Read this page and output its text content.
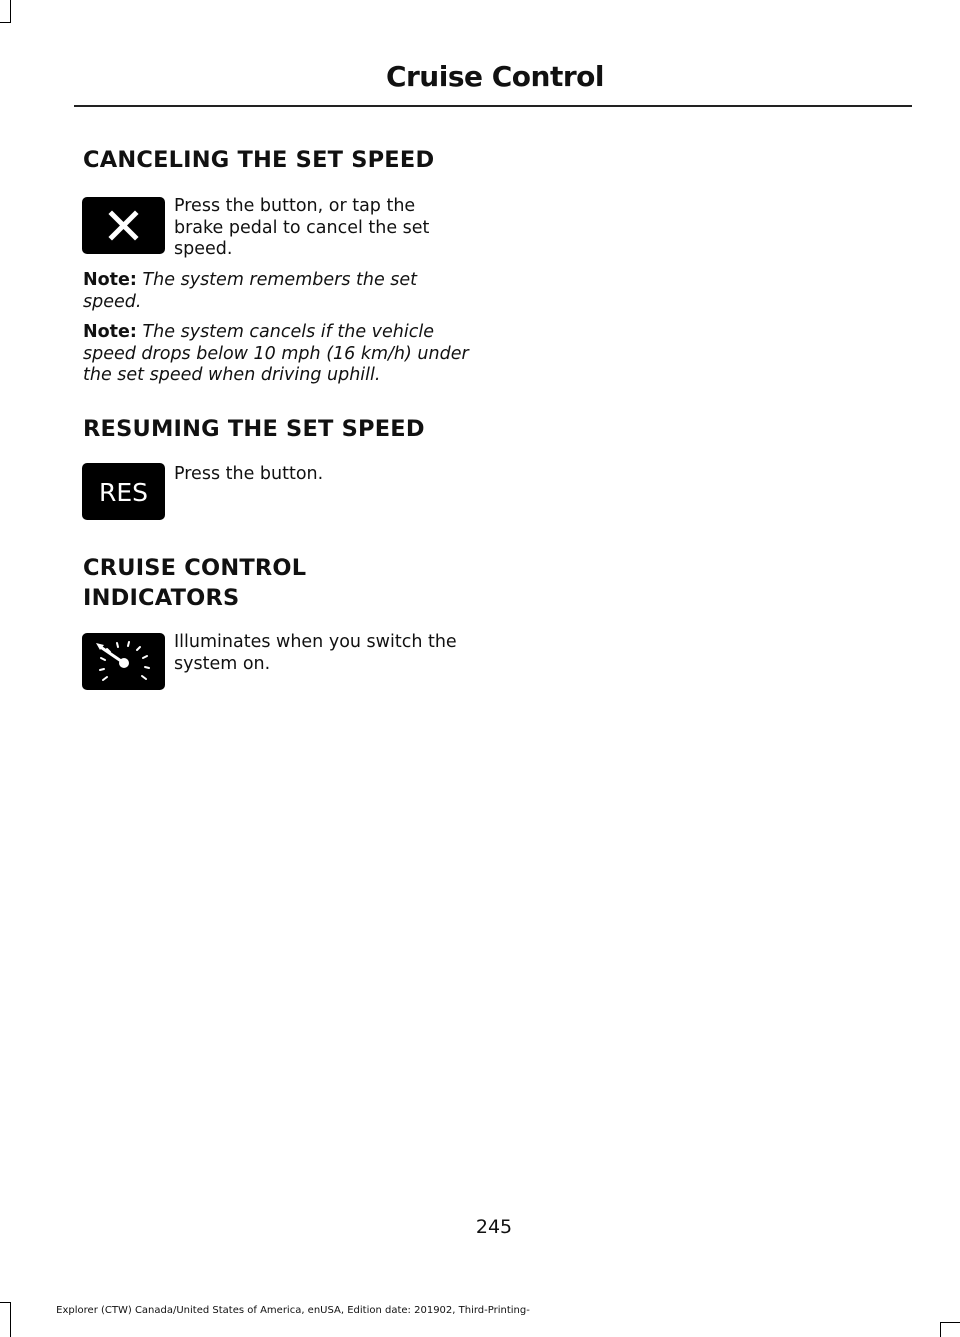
Cruise Control
CANCELING THE SET SPEED
Press the button, or tap the brake pedal to cancel the set speed.
Note: The system remembers the set speed.
Note: The system cancels if the vehicle speed drops below 10 mph (16 km/h) under the set speed when driving uphill.
RESUMING THE SET SPEED
RES
Press the button.
CRUISE CONTROL
INDICATORS
Illuminates when you switch the system on.
245
Explorer (CTW) Canada/United States of America, enUSA, Edition date: 201902, Third-Printing-
